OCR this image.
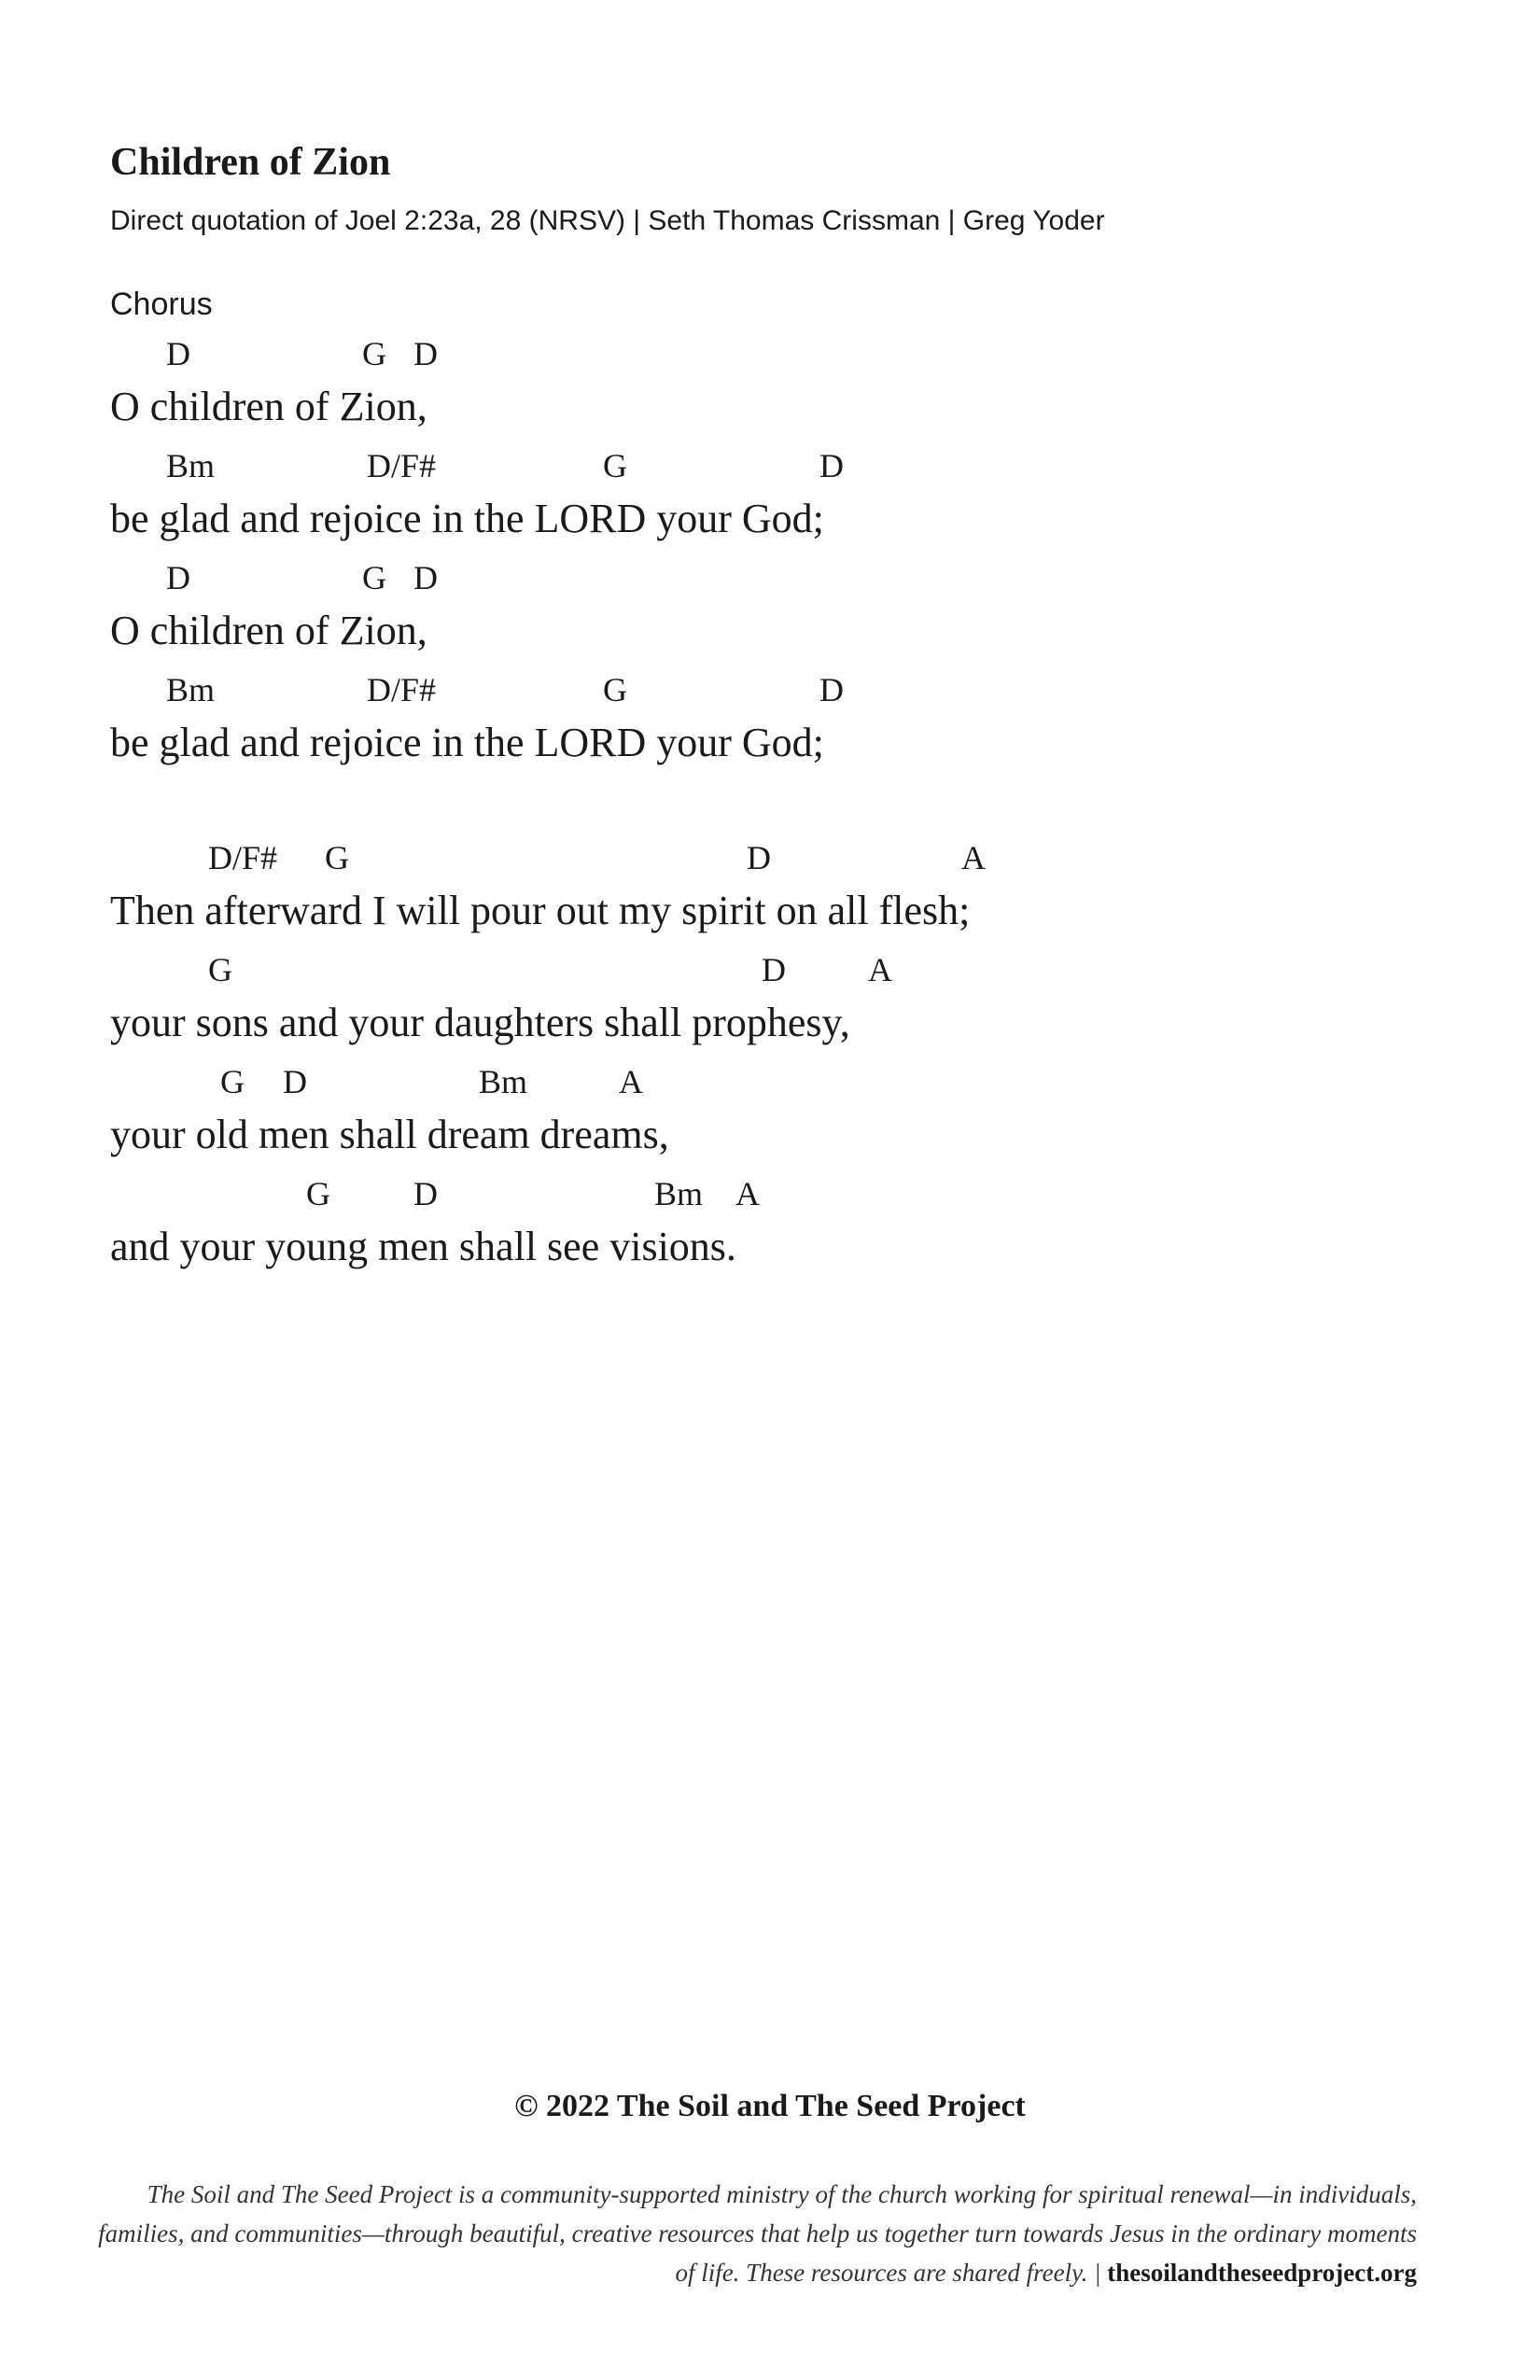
Children of Zion
Direct quotation of Joel 2:23a, 28 (NRSV) | Seth Thomas Crissman | Greg Yoder
Chorus
D	G D
O children of Zion,
Bm	D/F#	G	D
be glad and rejoice in the LORD your God;
D	G D
O children of Zion,
Bm	D/F#	G	D
be glad and rejoice in the LORD your God;
D/F# G	D	A
Then afterward I will pour out my spirit on all flesh;
G	D A
your sons and your daughters shall prophesy,
G D	Bm	A
your old men shall dream dreams,
G D	Bm A
and your young men shall see visions.
© 2022 The Soil and The Seed Project
The Soil and The Seed Project is a community-supported ministry of the church working for spiritual renewal—in individuals, families, and communities—through beautiful, creative resources that help us together turn towards Jesus in the ordinary moments of life. These resources are shared freely. | thesoilandtheseedproject.org
